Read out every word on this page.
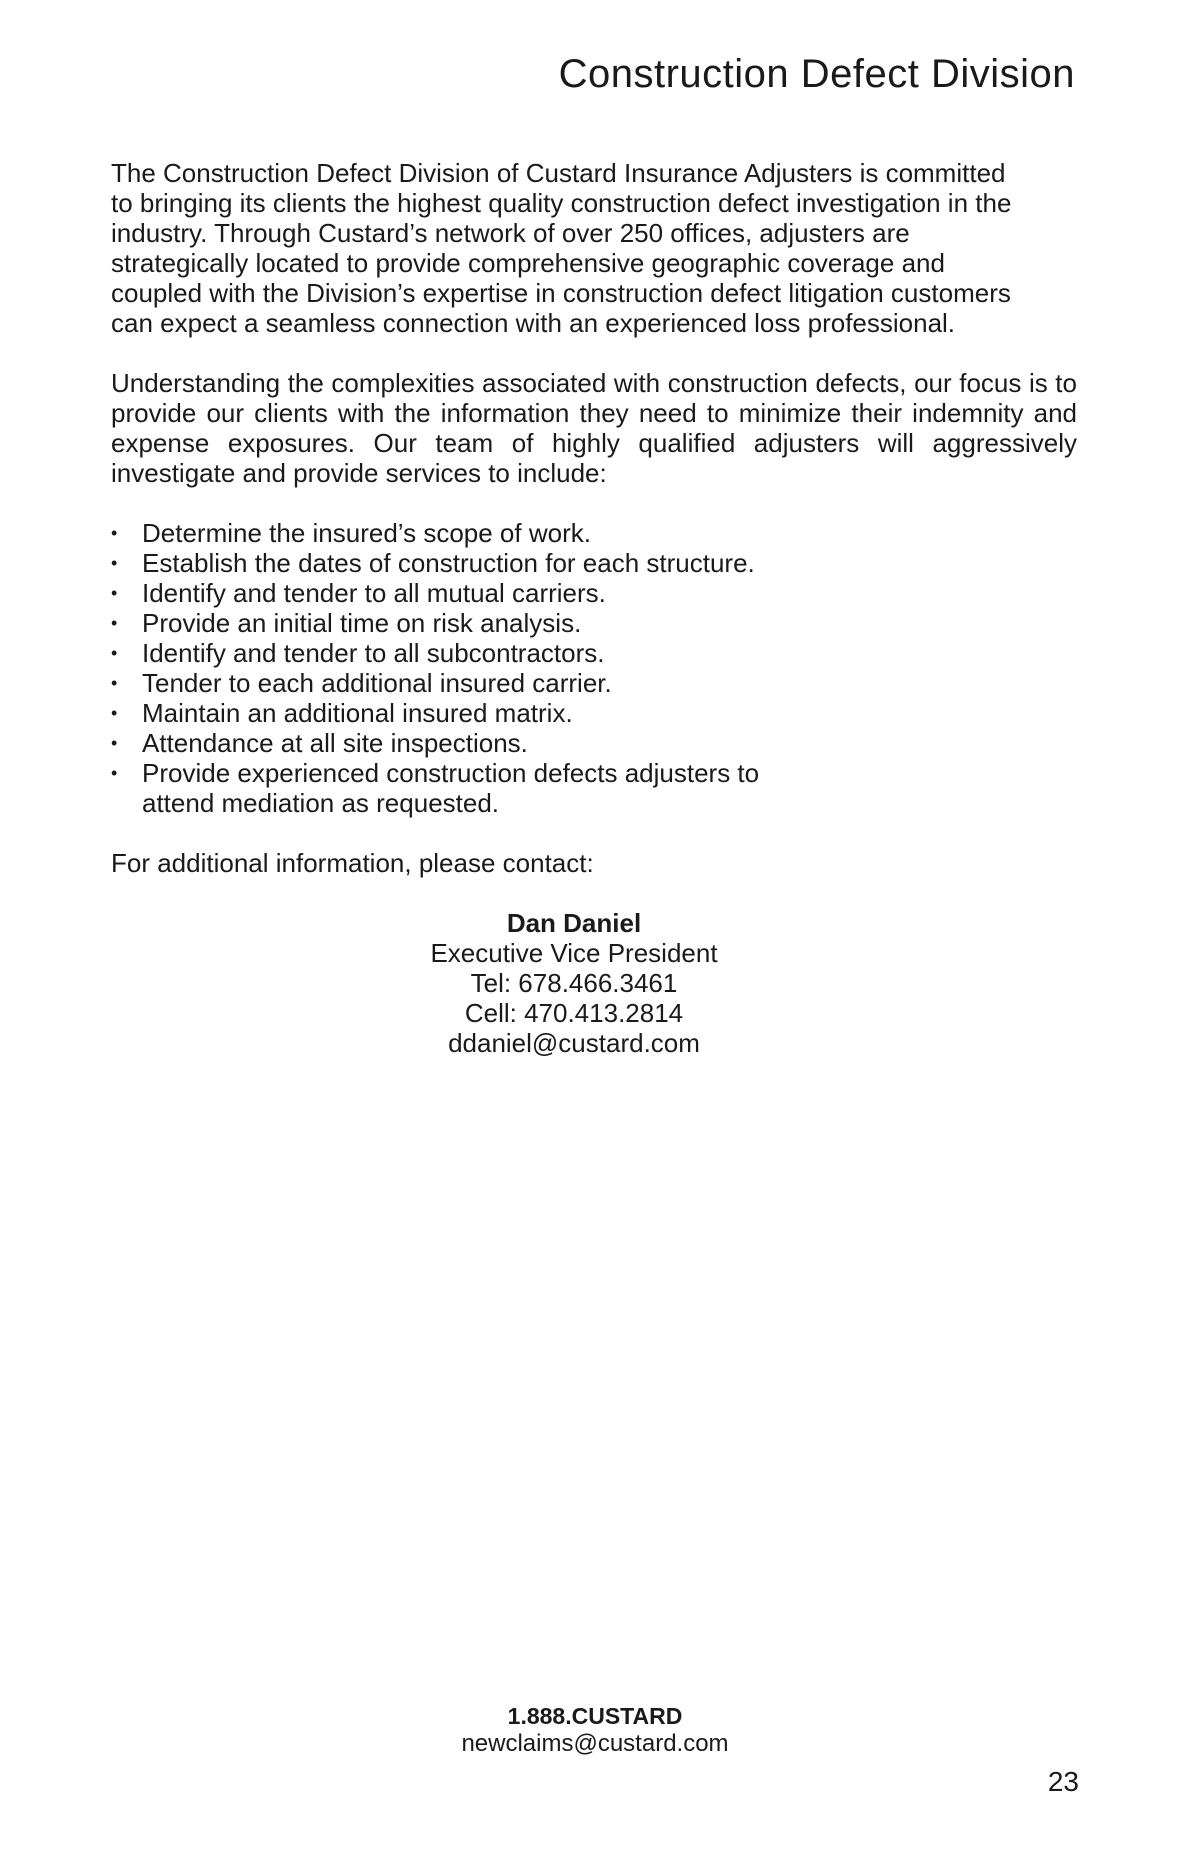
Construction Defect Division

The Construction Defect Division of Custard Insurance Adjusters is committed to bringing its clients the highest quality construction defect investigation in the industry. Through Custard’s network of over 250 offices, adjusters are strategically located to provide comprehensive geographic coverage and coupled with the Division’s expertise in construction defect litigation customers can expect a seamless connection with an experienced loss professional.

Understanding the complexities associated with construction defects, our focus is to provide our clients with the information they need to minimize their indemnity and expense exposures. Our team of highly qualified adjusters will aggressively investigate and provide services to include:

• Determine the insured’s scope of work.
• Establish the dates of construction for each structure.
• Identify and tender to all mutual carriers.
• Provide an initial time on risk analysis.
• Identify and tender to all subcontractors.
• Tender to each additional insured carrier.
• Maintain an additional insured matrix.
• Attendance at all site inspections.
• Provide experienced construction defects adjusters to attend mediation as requested.

For additional information, please contact:

Dan Daniel
Executive Vice President
Tel: 678.466.3461
Cell: 470.413.2814
ddaniel@custard.com
1.888.CUSTARD
newclaims@custard.com
23
